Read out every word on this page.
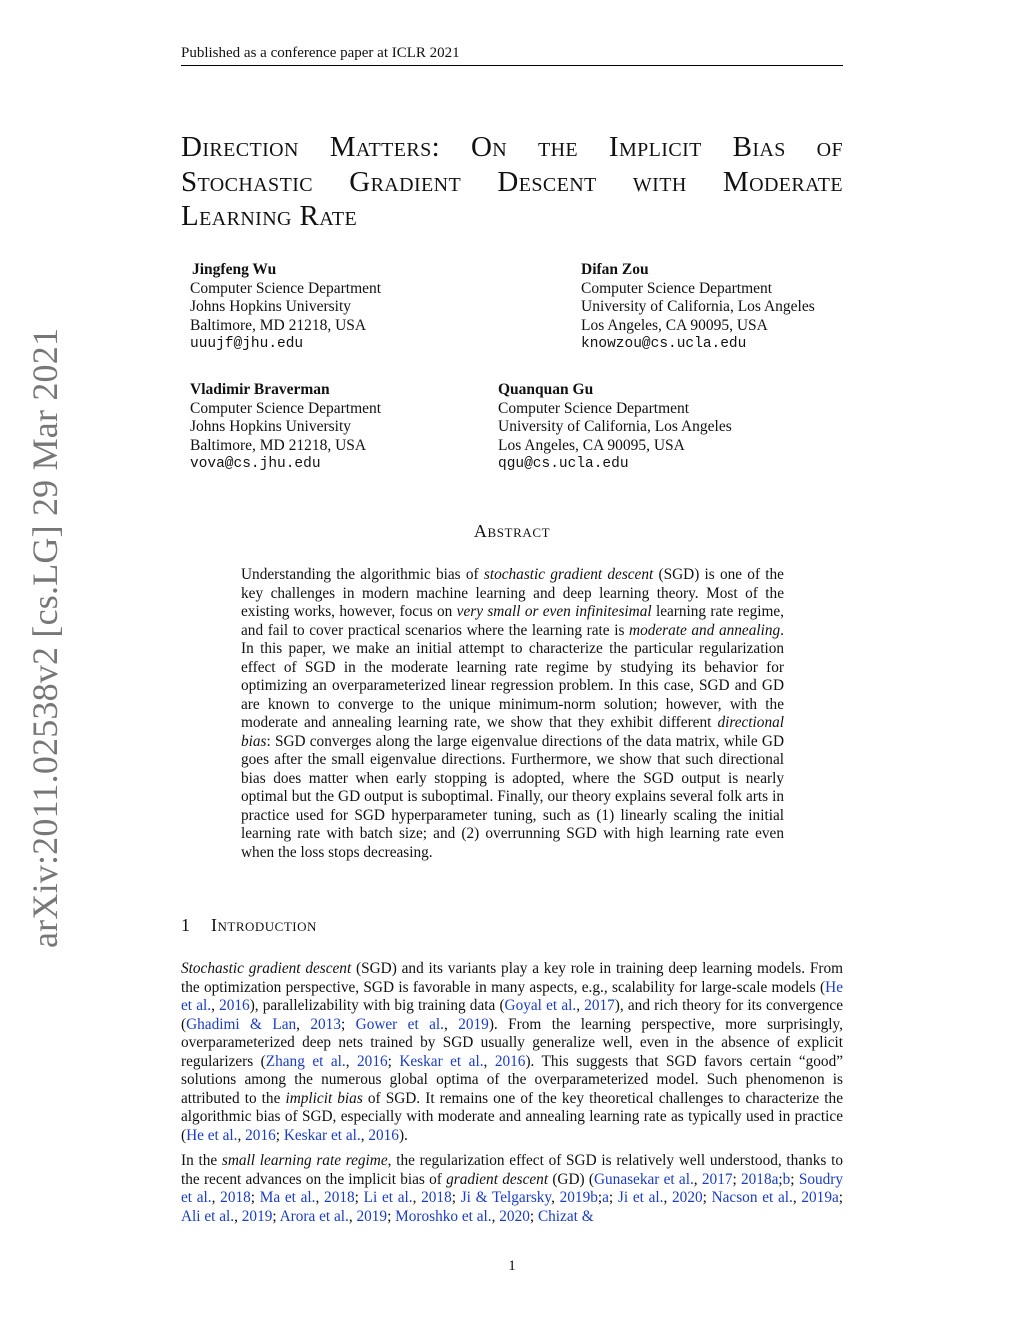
Published as a conference paper at ICLR 2021
arXiv:2011.02538v2 [cs.LG] 29 Mar 2021
Direction Matters: On the Implicit Bias of
Stochastic Gradient Descent with Moderate
Learning Rate
Jingfeng Wu
Computer Science Department
Johns Hopkins University
Baltimore, MD 21218, USA
uuujf@jhu.edu
Difan Zou
Computer Science Department
University of California, Los Angeles
Los Angeles, CA 90095, USA
knowzou@cs.ucla.edu
Vladimir Braverman
Computer Science Department
Johns Hopkins University
Baltimore, MD 21218, USA
vova@cs.jhu.edu
Quanquan Gu
Computer Science Department
University of California, Los Angeles
Los Angeles, CA 90095, USA
qgu@cs.ucla.edu
Abstract
Understanding the algorithmic bias of stochastic gradient descent (SGD) is one of the key challenges in modern machine learning and deep learning theory. Most of the existing works, however, focus on very small or even infinitesimal learning rate regime, and fail to cover practical scenarios where the learning rate is moderate and annealing. In this paper, we make an initial attempt to characterize the particular regularization effect of SGD in the moderate learning rate regime by studying its behavior for optimizing an overparameterized linear regression problem. In this case, SGD and GD are known to converge to the unique minimum-norm solution; however, with the moderate and annealing learning rate, we show that they exhibit different directional bias: SGD converges along the large eigenvalue directions of the data matrix, while GD goes after the small eigenvalue directions. Furthermore, we show that such directional bias does matter when early stopping is adopted, where the SGD output is nearly optimal but the GD output is suboptimal. Finally, our theory explains several folk arts in practice used for SGD hyperparameter tuning, such as (1) linearly scaling the initial learning rate with batch size; and (2) overrunning SGD with high learning rate even when the loss stops decreasing.
1 Introduction
Stochastic gradient descent (SGD) and its variants play a key role in training deep learning models. From the optimization perspective, SGD is favorable in many aspects, e.g., scalability for large-scale models (He et al., 2016), parallelizability with big training data (Goyal et al., 2017), and rich theory for its convergence (Ghadimi & Lan, 2013; Gower et al., 2019). From the learning perspective, more surprisingly, overparameterized deep nets trained by SGD usually generalize well, even in the absence of explicit regularizers (Zhang et al., 2016; Keskar et al., 2016). This suggests that SGD favors certain “good” solutions among the numerous global optima of the overparameterized model. Such phenomenon is attributed to the implicit bias of SGD. It remains one of the key theoretical challenges to characterize the algorithmic bias of SGD, especially with moderate and annealing learning rate as typically used in practice (He et al., 2016; Keskar et al., 2016).
In the small learning rate regime, the regularization effect of SGD is relatively well understood, thanks to the recent advances on the implicit bias of gradient descent (GD) (Gunasekar et al., 2017; 2018a;b; Soudry et al., 2018; Ma et al., 2018; Li et al., 2018; Ji & Telgarsky, 2019b;a; Ji et al., 2020; Nacson et al., 2019a; Ali et al., 2019; Arora et al., 2019; Moroshko et al., 2020; Chizat &
1
